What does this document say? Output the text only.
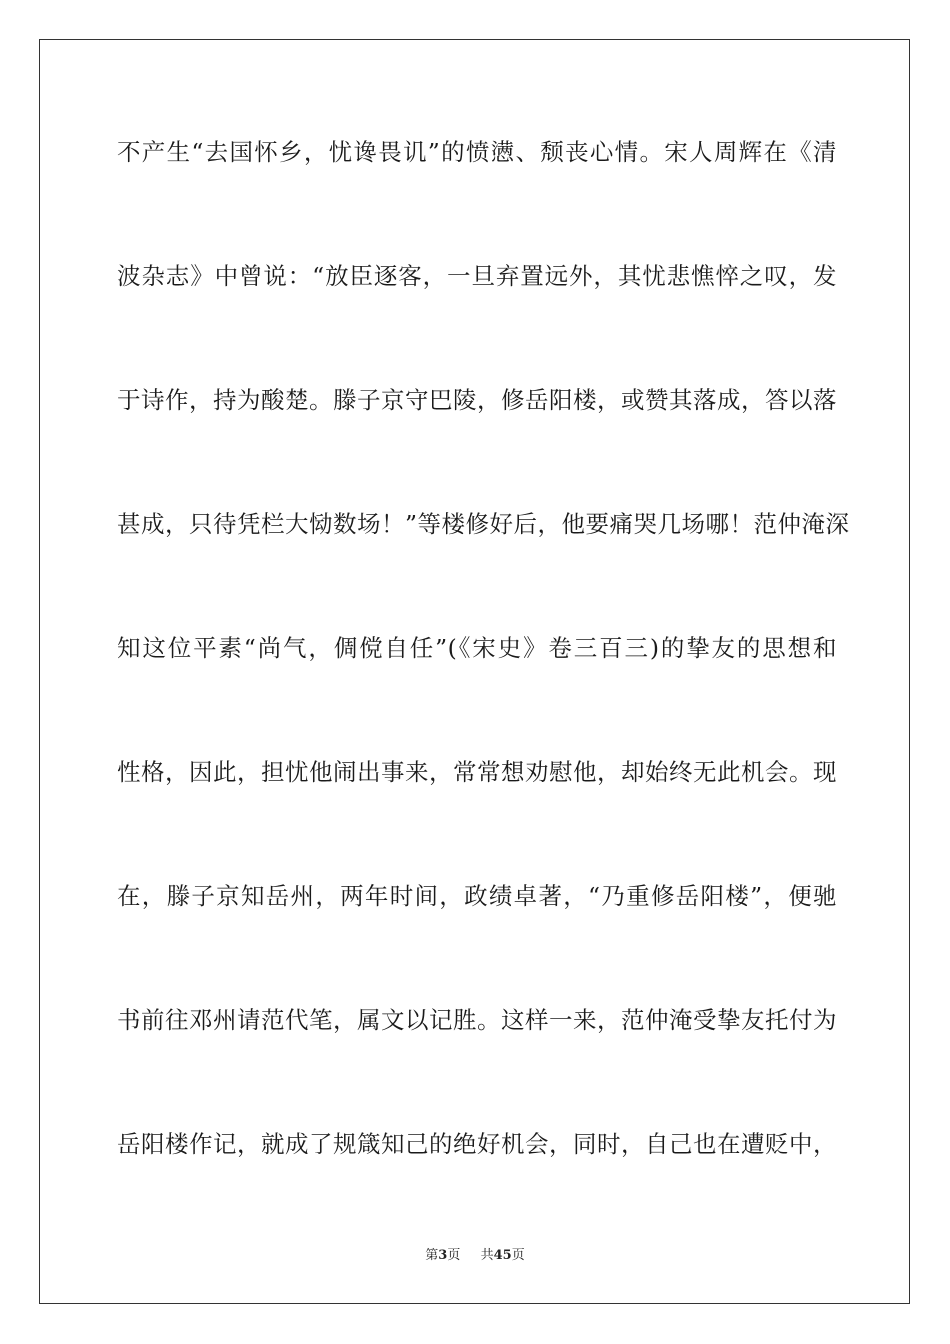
不产生“去国怀乡，忧谗畏讥”的愤懑、颓丧心情。宋人周辉在《清
波杂志》中曾说：“放臣逐客，一旦弃置远外，其忧悲憔悴之叹，发
于诗作，持为酸楚。滕子京守巴陵，修岳阳楼，或赞其落成，答以落
甚成，只待凭栏大恸数场！”等楼修好后，他要痛哭几场哪！范仲淹深
知这位平素“尚气，倜傥自任”(《宋史》卷三百三)的挚友的思想和
性格，因此，担忧他闹出事来，常常想劝慰他，却始终无此机会。现
在，滕子京知岳州，两年时间，政绩卓著，“乃重修岳阳楼”，便驰
书前往邓州请范代笔，属文以记胜。这样一来，范仲淹受挚友托付为
岳阳楼作记，就成了规箴知己的绝好机会，同时，自己也在遭贬中，
第3页 共45页
